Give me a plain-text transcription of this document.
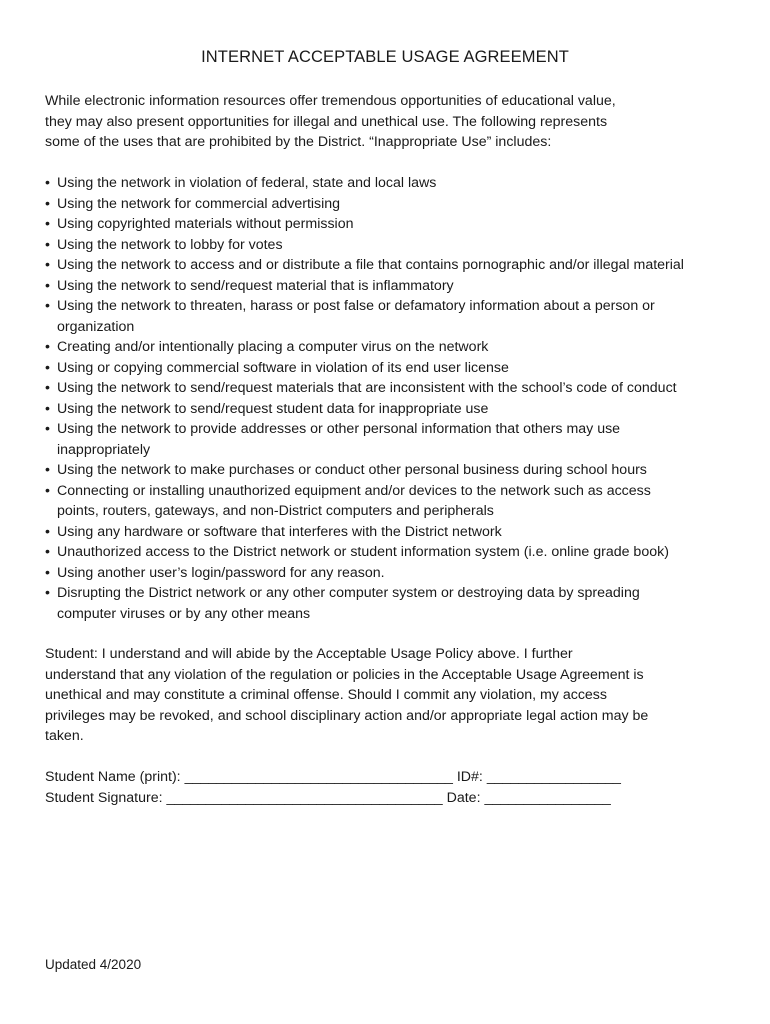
INTERNET ACCEPTABLE USAGE AGREEMENT
While electronic information resources offer tremendous opportunities of educational value,
they may also present opportunities for illegal and unethical use. The following represents
some of the uses that are prohibited by the District. “Inappropriate Use” includes:
• Using the network in violation of federal, state and local laws
• Using the network for commercial advertising
• Using copyrighted materials without permission
• Using the network to lobby for votes
• Using the network to access and or distribute a file that contains pornographic and/or illegal material
• Using the network to send/request material that is inflammatory
• Using the network to threaten, harass or post false or defamatory information about a person or
organization
• Creating and/or intentionally placing a computer virus on the network
• Using or copying commercial software in violation of its end user license
• Using the network to send/request materials that are inconsistent with the school’s code of conduct
• Using the network to send/request student data for inappropriate use
• Using the network to provide addresses or other personal information that others may use
inappropriately
• Using the network to make purchases or conduct other personal business during school hours
• Connecting or installing unauthorized equipment and/or devices to the network such as access
points, routers, gateways, and non-District computers and peripherals
• Using any hardware or software that interferes with the District network
• Unauthorized access to the District network or student information system (i.e. online grade book)
• Using another user’s login/password for any reason.
• Disrupting the District network or any other computer system or destroying data by spreading
computer viruses or by any other means
Student: I understand and will abide by the Acceptable Usage Policy above. I further
understand that any violation of the regulation or policies in the Acceptable Usage Agreement is
unethical and may constitute a criminal offense. Should I commit any violation, my access
privileges may be revoked, and school disciplinary action and/or appropriate legal action may be
taken.
Student Name (print): __________________________________ ID#: _________________
Student Signature: ___________________________________ Date: ________________
Updated 4/2020
